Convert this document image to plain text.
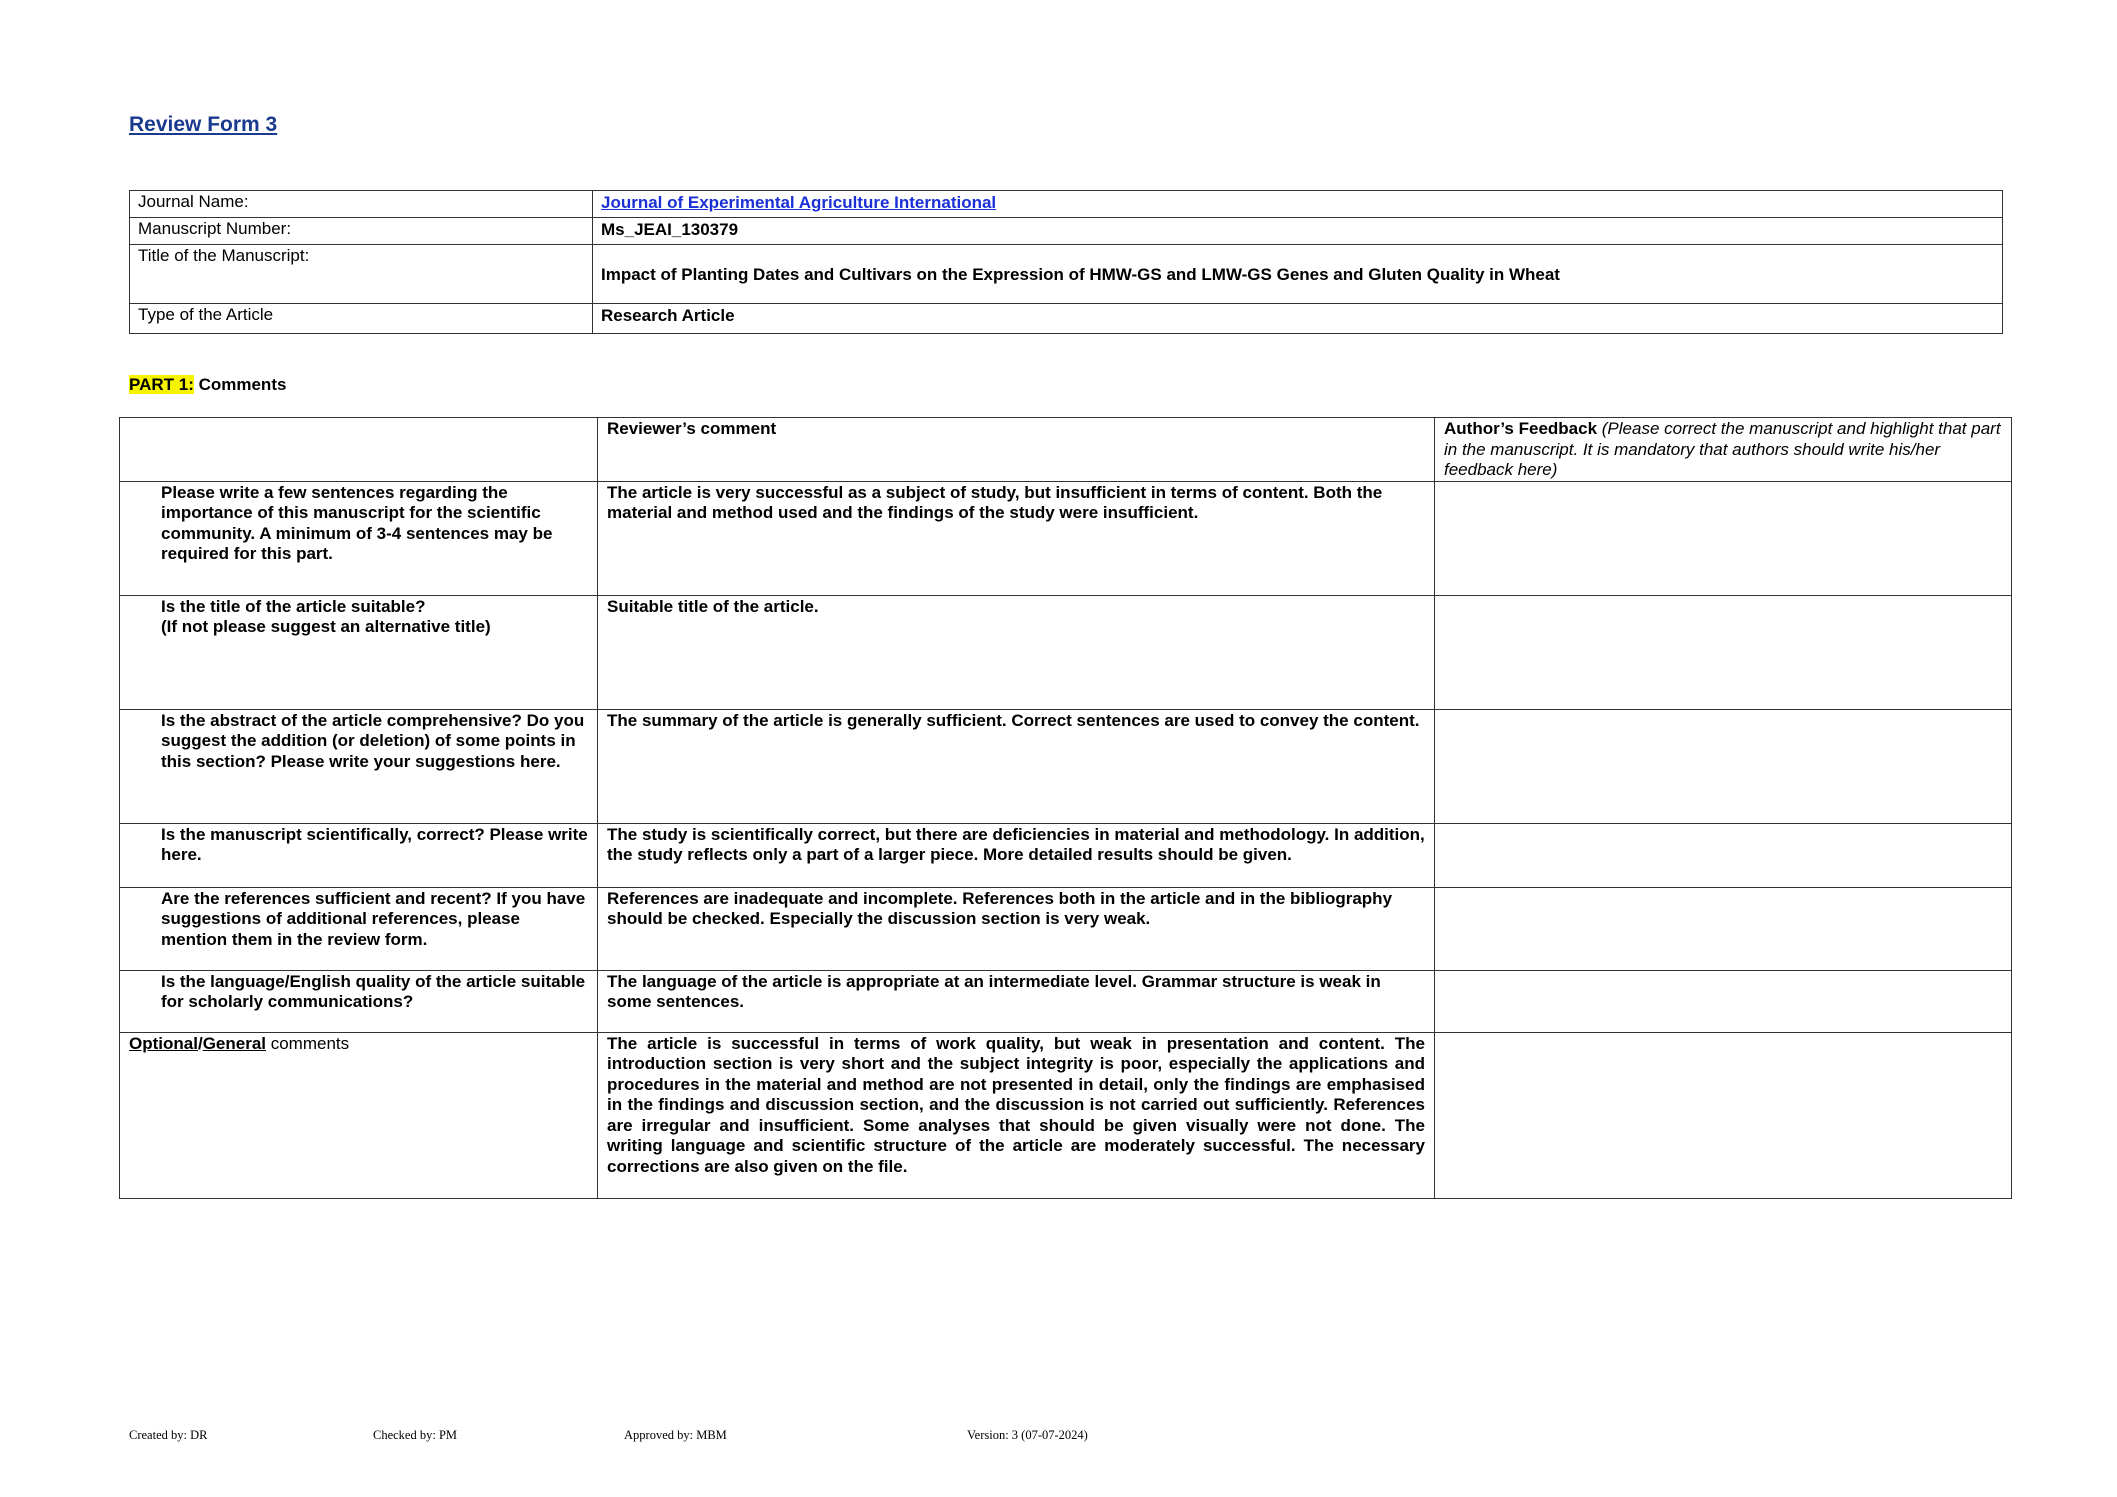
Review Form 3
Journal Name:	Journal of Experimental Agriculture International
Manuscript Number:	Ms_JEAI_130379
Title of the Manuscript:	Impact of Planting Dates and Cultivars on the Expression of HMW-GS and LMW-GS Genes and Gluten Quality in Wheat
Type of the Article	Research Article

PART 1: Comments

	Reviewer’s comment	Author’s Feedback (Please correct the manuscript and highlight that part in the manuscript. It is mandatory that authors should write his/her feedback here)
Please write a few sentences regarding the importance of this manuscript for the scientific community. A minimum of 3-4 sentences may be required for this part.	The article is very successful as a subject of study, but insufficient in terms of content. Both the material and method used and the findings of the study were insufficient.	

Is the title of the article suitable?
(If not please suggest an alternative title)	Suitable title of the article.	
Is the abstract of the article comprehensive? Do you suggest the addition (or deletion) of some points in this section? Please write your suggestions here.	The summary of the article is generally sufficient. Correct sentences are used to convey the content.	
Is the manuscript scientifically, correct? Please write here.	The study is scientifically correct, but there are deficiencies in material and methodology. In addition, the study reflects only a part of a larger piece. More detailed results should be given.	
Are the references sufficient and recent? If you have suggestions of additional references, please mention them in the review form.	References are inadequate and incomplete. References both in the article and in the bibliography should be checked. Especially the discussion section is very weak.	
Is the language/English quality of the article suitable for scholarly communications?	The language of the article is appropriate at an intermediate level. Grammar structure is weak in some sentences.	
Optional/General comments	The article is successful in terms of work quality, but weak in presentation and content. The introduction section is very short and the subject integrity is poor, especially the applications and procedures in the material and method are not presented in detail, only the findings are emphasised in the findings and discussion section, and the discussion is not carried out sufficiently. References are irregular and insufficient. Some analyses that should be given visually were not done. The writing language and scientific structure of the article are moderately successful. The necessary corrections are also given on the file.	
Created by: DR	Checked by: PM	Approved by: MBM	Version: 3 (07-07-2024)
